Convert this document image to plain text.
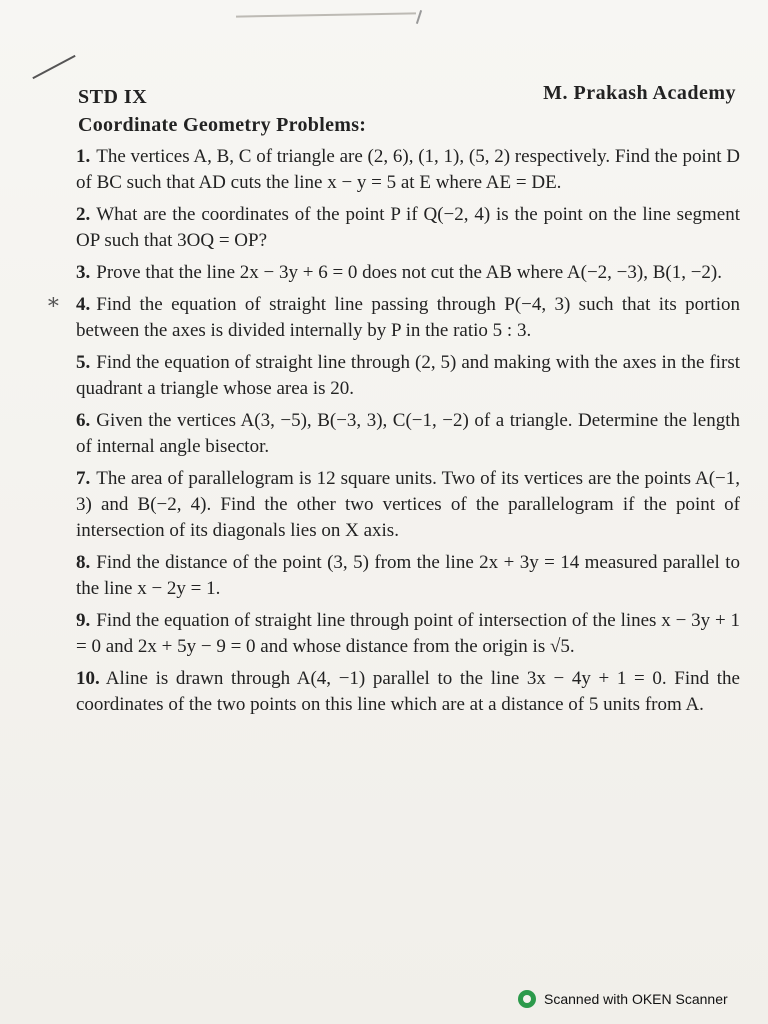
STD IX	M. Prakash Academy
Coordinate Geometry Problems:
∗
1. The vertices A, B, C of triangle are (2, 6), (1, 1), (5, 2) respectively. Find the point D of BC such that AD cuts the line x − y = 5 at E where AE = DE.
2. What are the coordinates of the point P if Q(−2, 4) is the point on the line segment OP such that 3OQ = OP?
3. Prove that the line 2x − 3y + 6 = 0 does not cut the AB where A(−2, −3), B(1, −2).
4. Find the equation of straight line passing through P(−4, 3) such that its portion between the axes is divided internally by P in the ratio 5 : 3.
5. Find the equation of straight line through (2, 5) and making with the axes in the first quadrant a triangle whose area is 20.
6. Given the vertices A(3, −5), B(−3, 3), C(−1, −2) of a triangle. Determine the length of internal angle bisector.
7. The area of parallelogram is 12 square units. Two of its vertices are the points A(−1, 3) and B(−2, 4). Find the other two vertices of the parallelogram if the point of intersection of its diagonals lies on X axis.
8. Find the distance of the point (3, 5) from the line 2x + 3y = 14 measured parallel to the line x − 2y = 1.
9. Find the equation of straight line through point of intersection of the lines x − 3y + 1 = 0 and 2x + 5y − 9 = 0 and whose distance from the origin is √5.
10. Aline is drawn through A(4, −1) parallel to the line 3x − 4y + 1 = 0. Find the coordinates of the two points on this line which are at a distance of 5 units from A.
Scanned with OKEN Scanner
